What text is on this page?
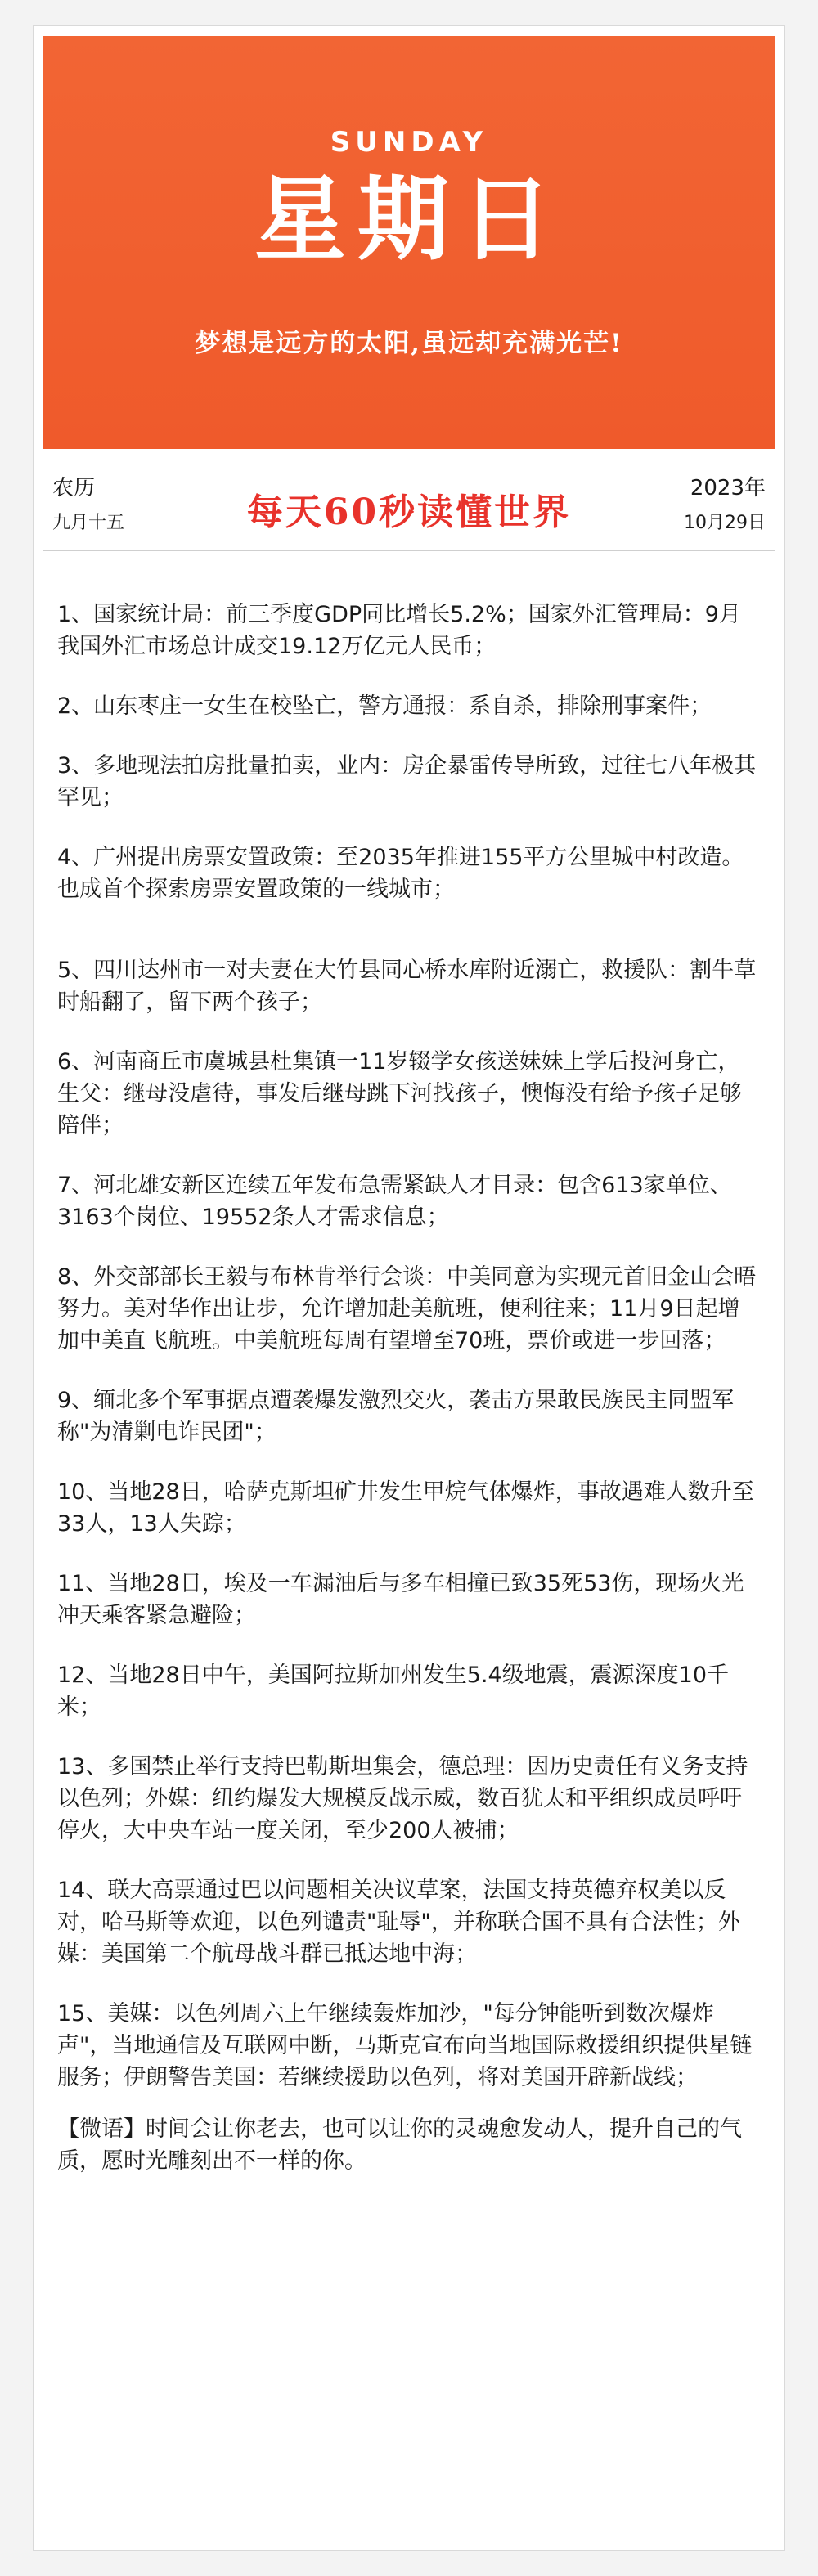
SUNDAY
星期日
梦想是远方的太阳,虽远却充满光芒!
农历
九月十五	每天60秒读懂世界
2023年
10月29日
1、国家统计局：前三季度GDP同比增长5.2%；国家外汇管理局：9月我国外汇市场总计成交19.12万亿元人民币；
2、山东枣庄一女生在校坠亡，警方通报：系自杀，排除刑事案件；
3、多地现法拍房批量拍卖，业内：房企暴雷传导所致，过往七八年极其罕见；
4、广州提出房票安置政策：至2035年推进155平方公里城中村改造。也成首个探索房票安置政策的一线城市；
5、四川达州市一对夫妻在大竹县同心桥水库附近溺亡，救援队：割牛草时船翻了，留下两个孩子；
6、河南商丘市虞城县杜集镇一11岁辍学女孩送妹妹上学后投河身亡，生父：继母没虐待，事发后继母跳下河找孩子，懊悔没有给予孩子足够陪伴；
7、河北雄安新区连续五年发布急需紧缺人才目录：包含613家单位、3163个岗位、19552条人才需求信息；
8、外交部部长王毅与布林肯举行会谈：中美同意为实现元首旧金山会晤努力。美对华作出让步，允许增加赴美航班，便利往来；11月9日起增加中美直飞航班。中美航班每周有望增至70班，票价或进一步回落；
9、缅北多个军事据点遭袭爆发激烈交火，袭击方果敢民族民主同盟军称"为清剿电诈民团"；
10、当地28日，哈萨克斯坦矿井发生甲烷气体爆炸，事故遇难人数升至33人，13人失踪；
11、当地28日，埃及一车漏油后与多车相撞已致35死53伤，现场火光冲天乘客紧急避险；
12、当地28日中午，美国阿拉斯加州发生5.4级地震，震源深度10千米；
13、多国禁止举行支持巴勒斯坦集会，德总理：因历史责任有义务支持以色列；外媒：纽约爆发大规模反战示威，数百犹太和平组织成员呼吁停火，大中央车站一度关闭，至少200人被捕；
14、联大高票通过巴以问题相关决议草案，法国支持英德弃权美以反对，哈马斯等欢迎，以色列谴责"耻辱"，并称联合国不具有合法性；外媒：美国第二个航母战斗群已抵达地中海；
15、美媒：以色列周六上午继续轰炸加沙，"每分钟能听到数次爆炸声"，当地通信及互联网中断，马斯克宣布向当地国际救援组织提供星链服务；伊朗警告美国：若继续援助以色列，将对美国开辟新战线；
【微语】时间会让你老去，也可以让你的灵魂愈发动人，提升自己的气质，愿时光雕刻出不一样的你。
